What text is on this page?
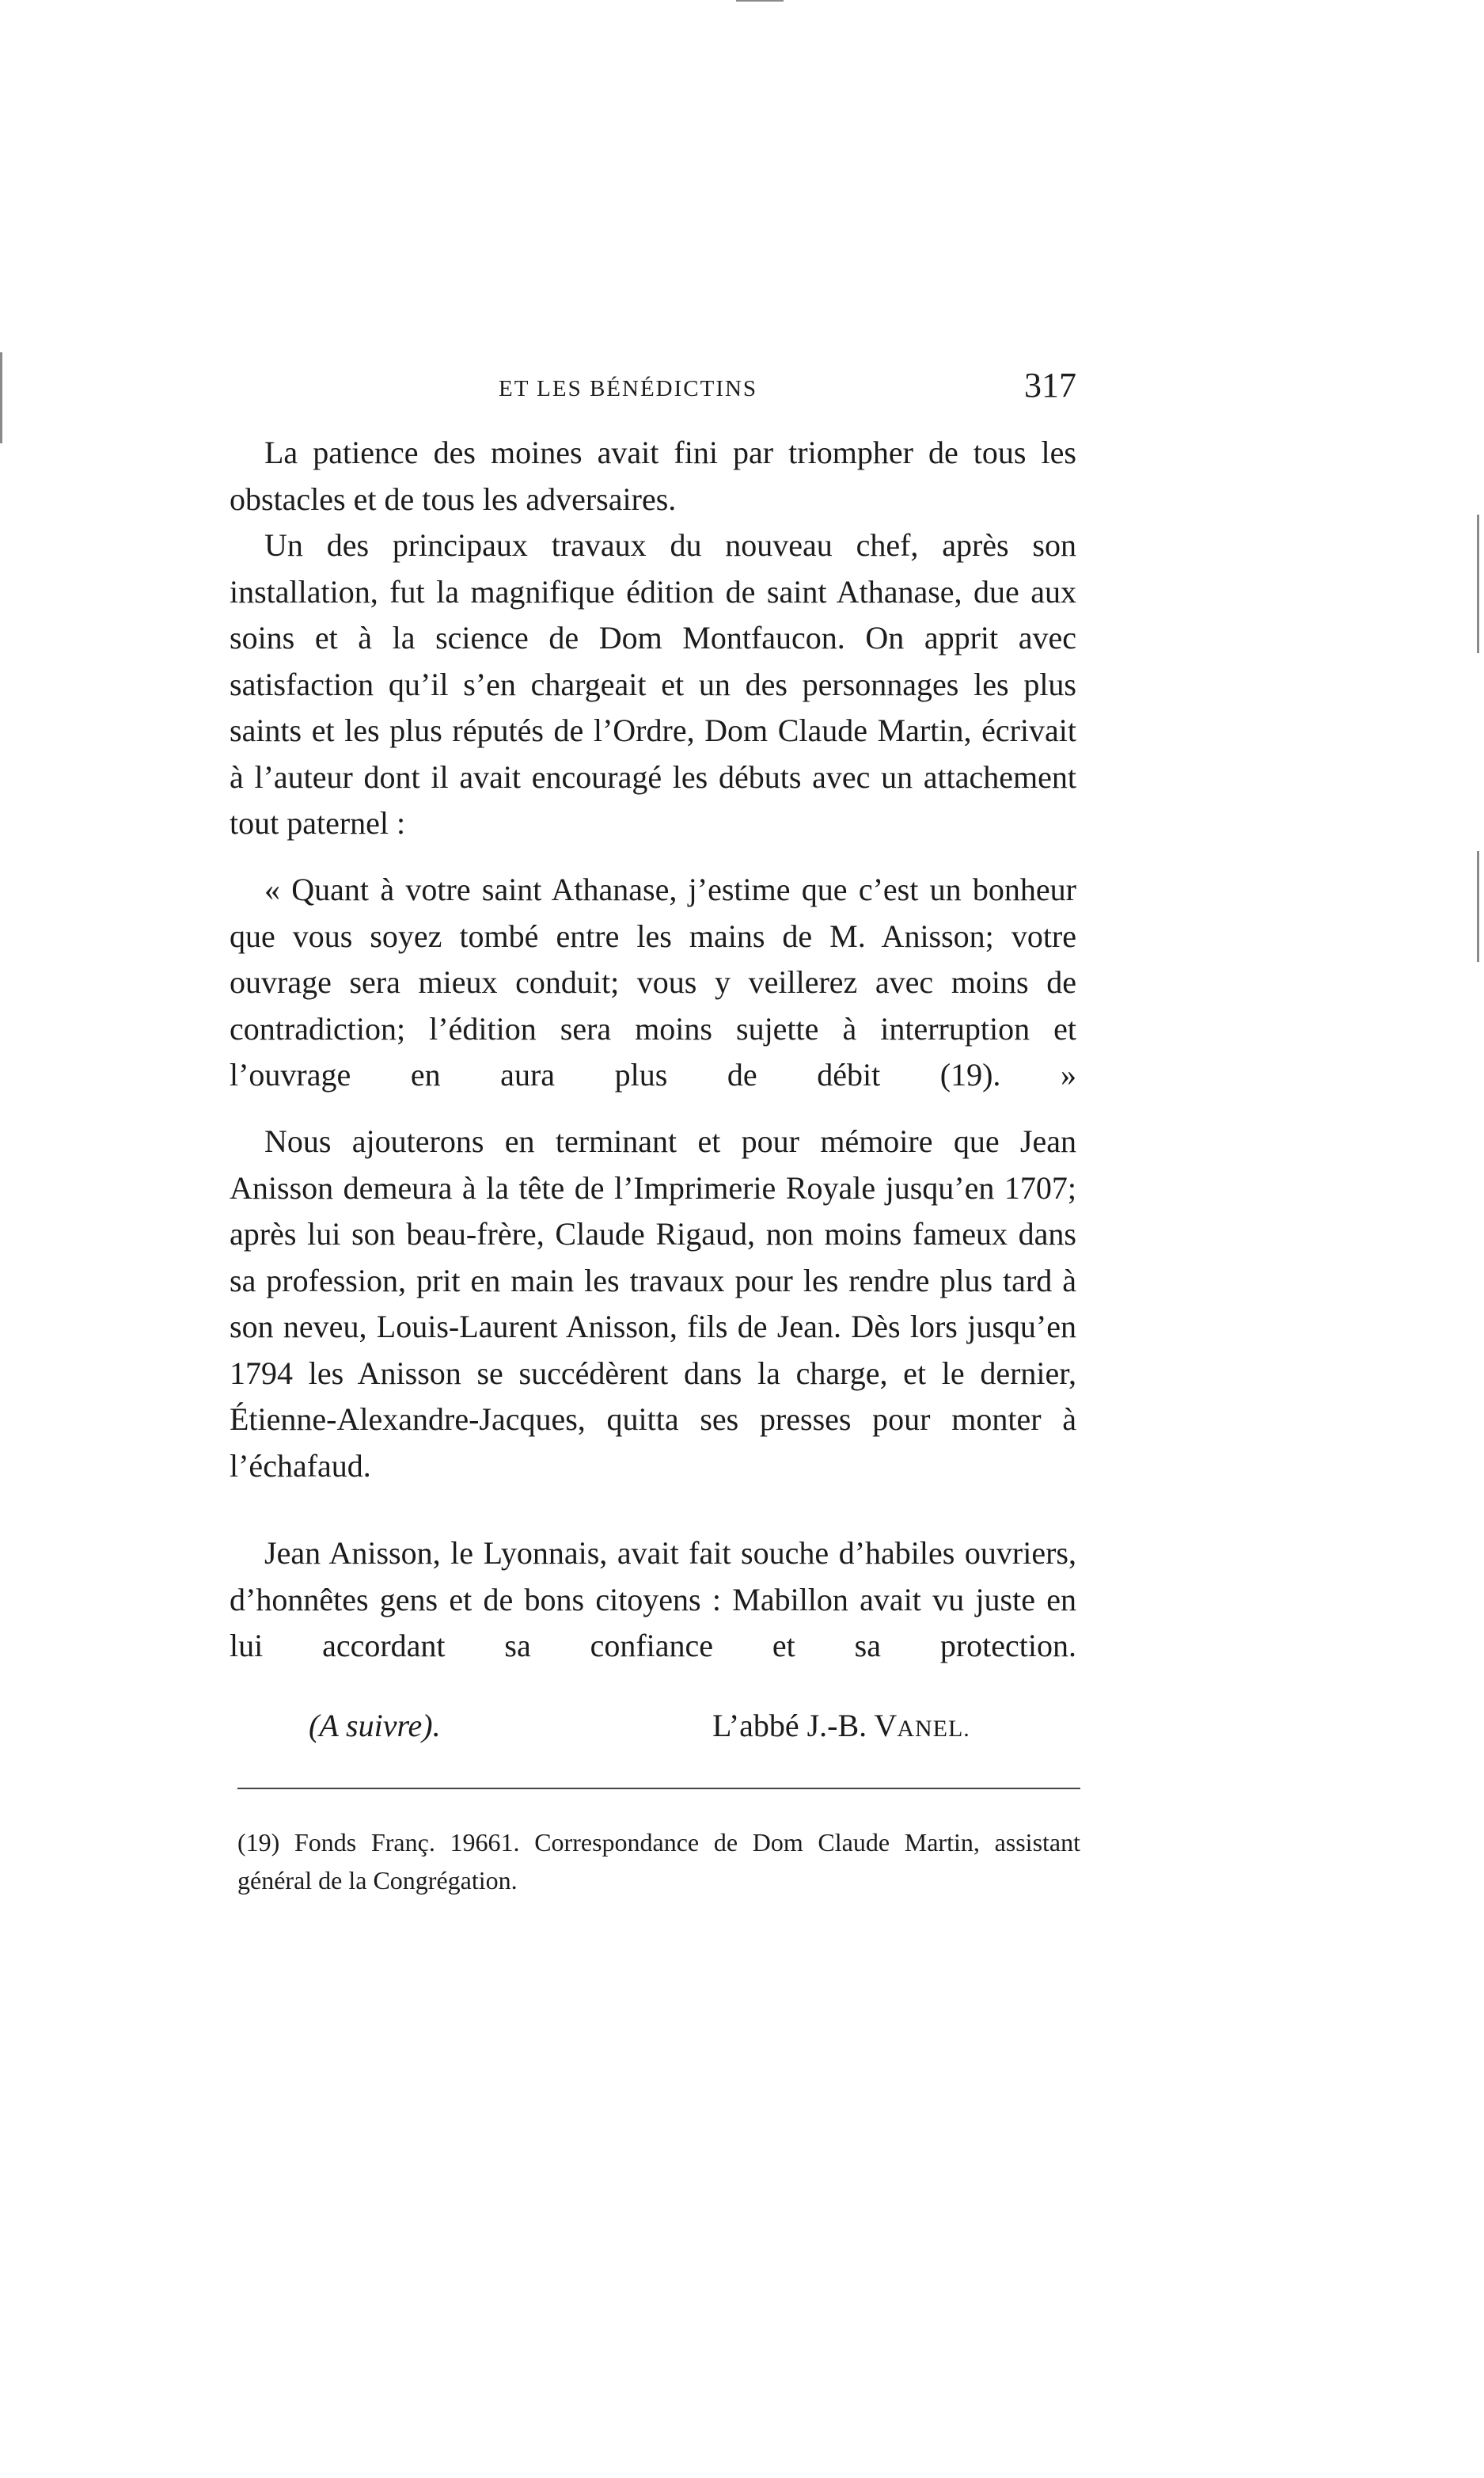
ET LES BÉNÉDICTINS	317

La patience des moines avait fini par triompher de tous les obstacles et de tous les adversaires.

Un des principaux travaux du nouveau chef, après son installation, fut la magnifique édition de saint Athanase, due aux soins et à la science de Dom Montfaucon. On apprit avec satisfaction qu’il s’en chargeait et un des personnages les plus saints et les plus réputés de l’Ordre, Dom Claude Martin, écrivait à l’auteur dont il avait encouragé les débuts avec un attachement tout paternel :

« Quant à votre saint Athanase, j’estime que c’est un bonheur que vous soyez tombé entre les mains de M. Anisson; votre ouvrage sera mieux conduit; vous y veillerez avec moins de contradiction; l’édition sera moins sujette à interruption et l’ouvrage en aura plus de débit (19). »

Nous ajouterons en terminant et pour mémoire que Jean Anisson demeura à la tête de l’Imprimerie Royale jusqu’en 1707; après lui son beau-frère, Claude Rigaud, non moins fameux dans sa profession, prit en main les travaux pour les rendre plus tard à son neveu, Louis-Laurent Anisson, fils de Jean. Dès lors jusqu’en 1794 les Anisson se succédèrent dans la charge, et le dernier, Étienne-Alexandre-Jacques, quitta ses presses pour monter à l’échafaud.

Jean Anisson, le Lyonnais, avait fait souche d’habiles ouvriers, d’honnêtes gens et de bons citoyens : Mabillon avait vu juste en lui accordant sa confiance et sa protection.

(A suivre).	L’abbé J.-B. VANEL.

(19) Fonds Franç. 19661. Correspondance de Dom Claude Martin, assistant général de la Congrégation.
